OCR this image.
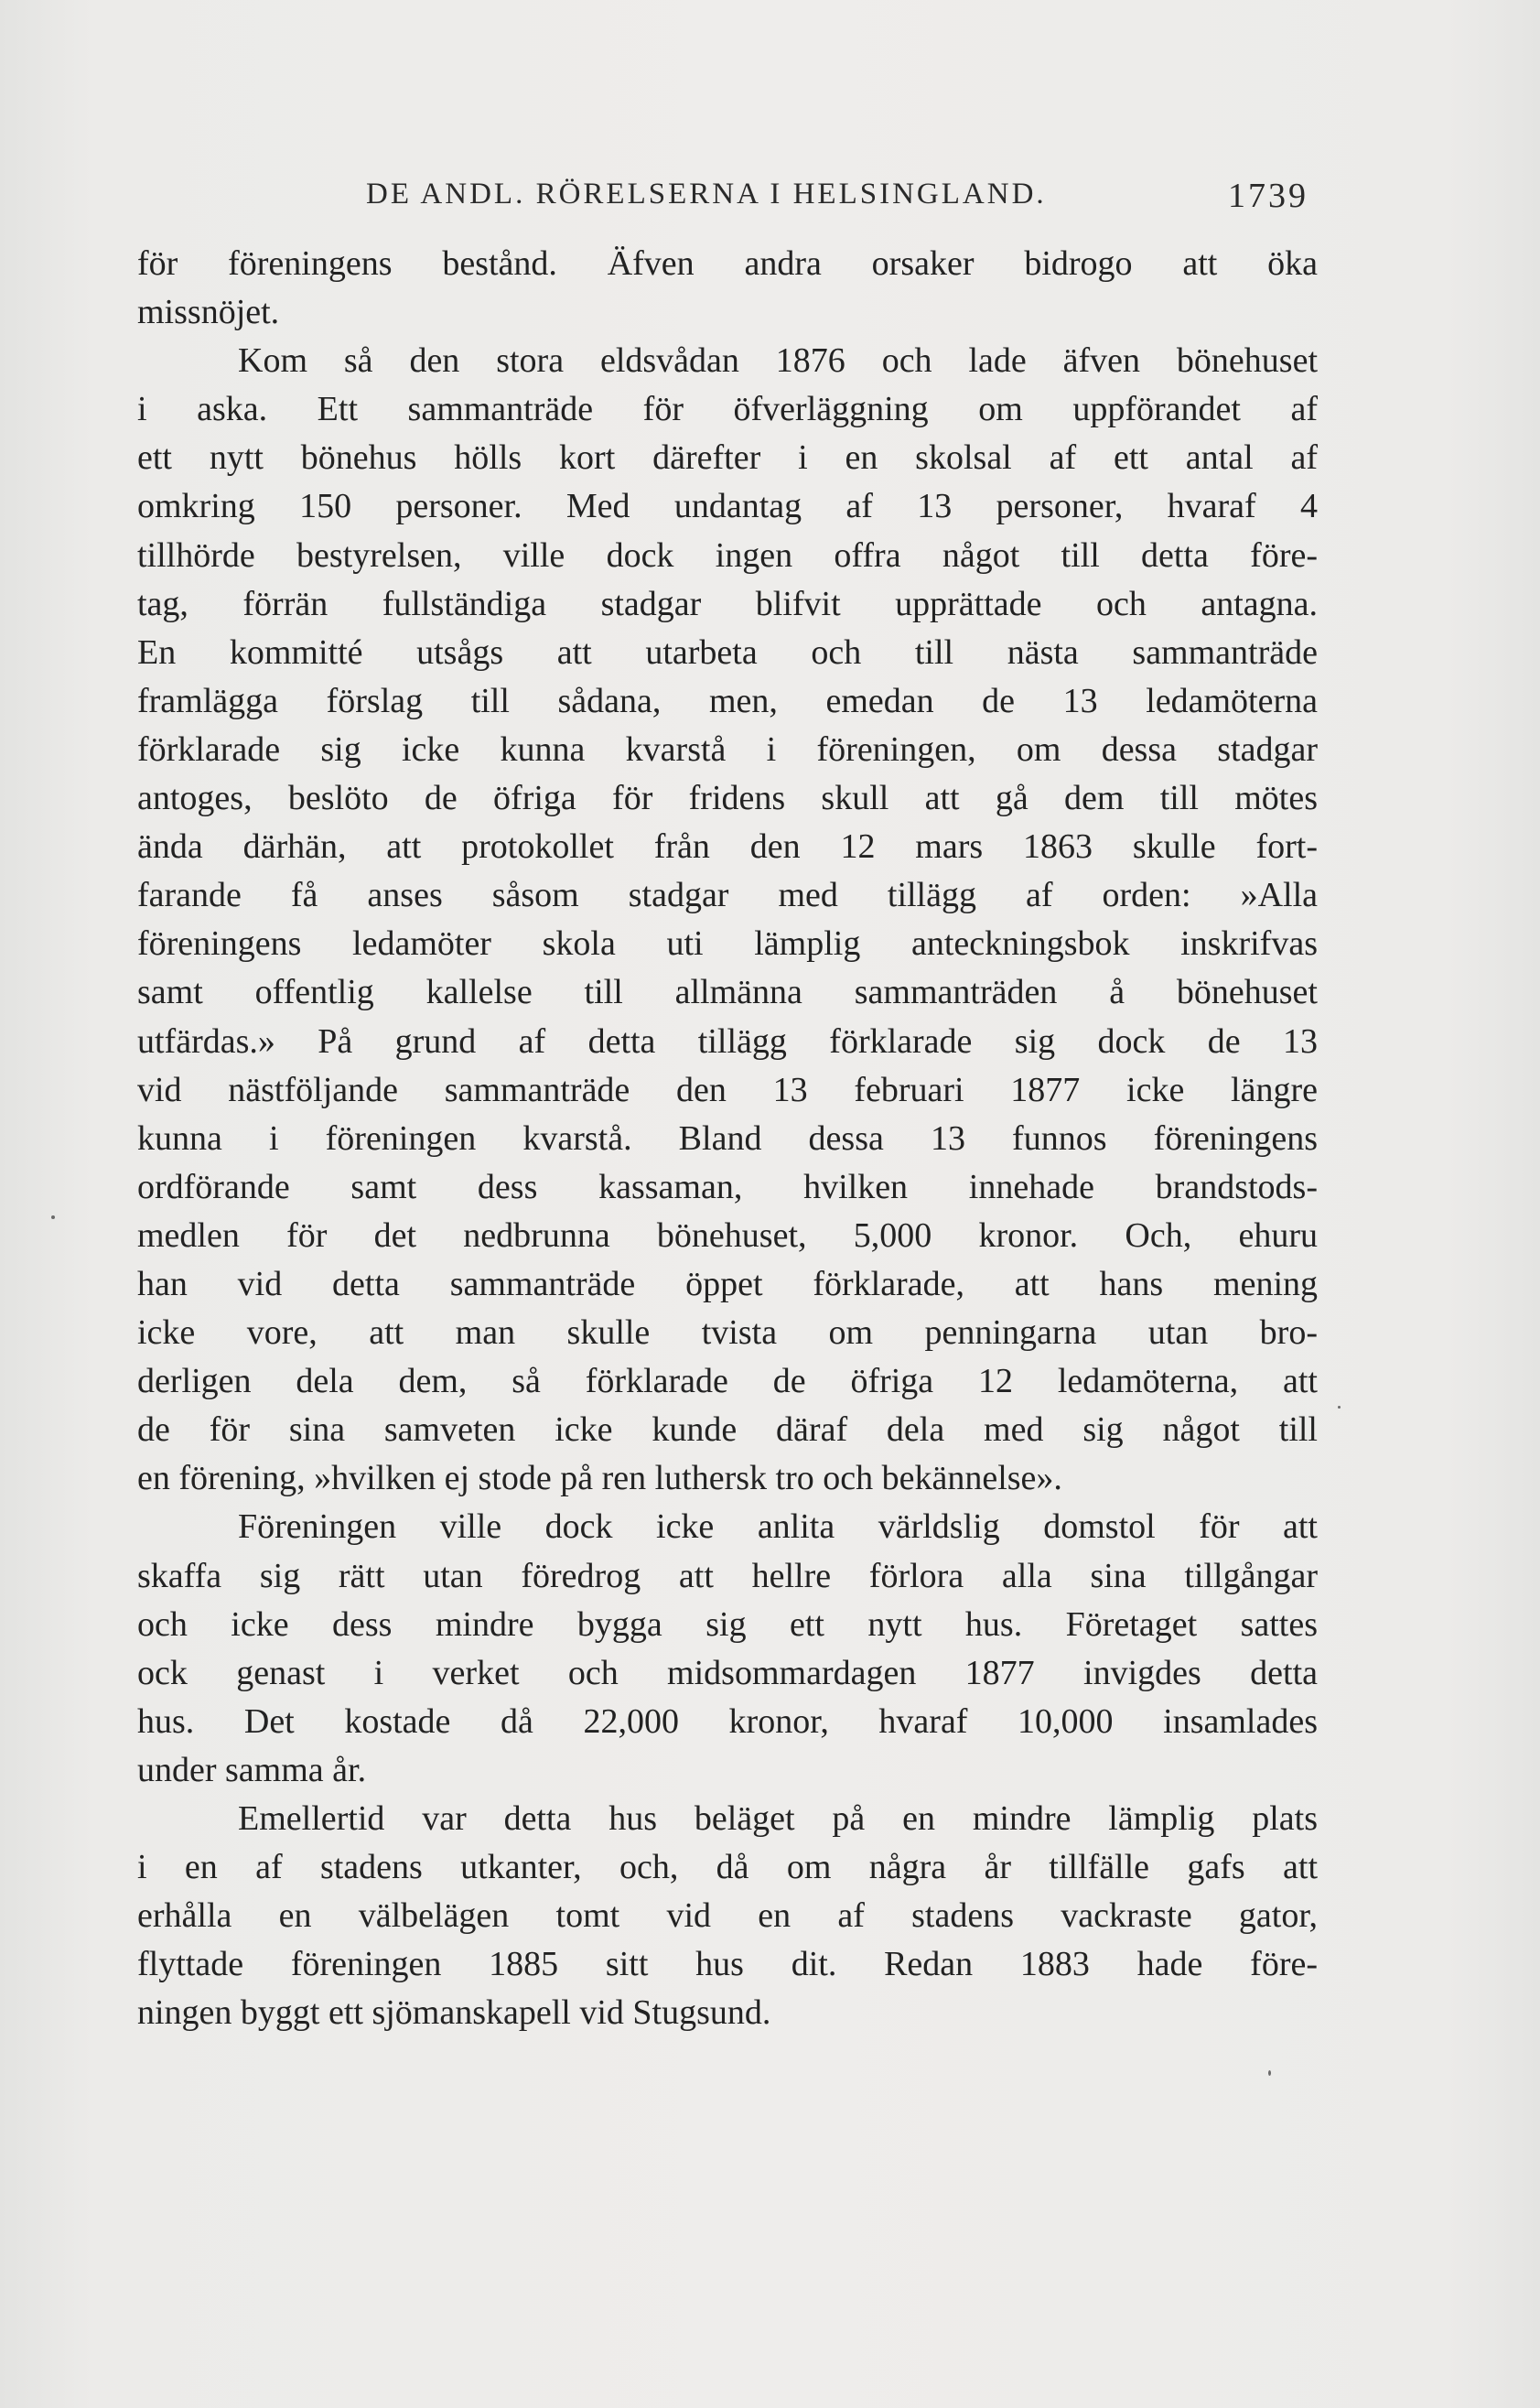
DE ANDL. RÖRELSERNA I HELSINGLAND.	1739
för föreningens bestånd. Äfven andra orsaker bidrogo att öka
missnöjet.
Kom så den stora eldsvådan 1876 och lade äfven bönehuset
i aska. Ett sammanträde för öfverläggning om uppförandet af
ett nytt bönehus hölls kort därefter i en skolsal af ett antal af
omkring 150 personer. Med undantag af 13 personer, hvaraf 4
tillhörde bestyrelsen, ville dock ingen offra något till detta före-
tag, förrän fullständiga stadgar blifvit upprättade och antagna.
En kommitté utsågs att utarbeta och till nästa sammanträde
framlägga förslag till sådana, men, emedan de 13 ledamöterna
förklarade sig icke kunna kvarstå i föreningen, om dessa stadgar
antoges, beslöto de öfriga för fridens skull att gå dem till mötes
ända därhän, att protokollet från den 12 mars 1863 skulle fort-
farande få anses såsom stadgar med tillägg af orden: »Alla
föreningens ledamöter skola uti lämplig anteckningsbok inskrifvas
samt offentlig kallelse till allmänna sammanträden å bönehuset
utfärdas.» På grund af detta tillägg förklarade sig dock de 13
vid nästföljande sammanträde den 13 februari 1877 icke längre
kunna i föreningen kvarstå. Bland dessa 13 funnos föreningens
ordförande samt dess kassaman, hvilken innehade brandstods-
medlen för det nedbrunna bönehuset, 5,000 kronor. Och, ehuru
han vid detta sammanträde öppet förklarade, att hans mening
icke vore, att man skulle tvista om penningarna utan bro-
derligen dela dem, så förklarade de öfriga 12 ledamöterna, att
de för sina samveten icke kunde däraf dela med sig något till
en förening, »hvilken ej stode på ren luthersk tro och bekännelse».
Föreningen ville dock icke anlita världslig domstol för att
skaffa sig rätt utan föredrog att hellre förlora alla sina tillgångar
och icke dess mindre bygga sig ett nytt hus. Företaget sattes
ock genast i verket och midsommardagen 1877 invigdes detta
hus. Det kostade då 22,000 kronor, hvaraf 10,000 insamlades
under samma år.
Emellertid var detta hus beläget på en mindre lämplig plats
i en af stadens utkanter, och, då om några år tillfälle gafs att
erhålla en välbelägen tomt vid en af stadens vackraste gator,
flyttade föreningen 1885 sitt hus dit. Redan 1883 hade före-
ningen byggt ett sjömanskapell vid Stugsund.
